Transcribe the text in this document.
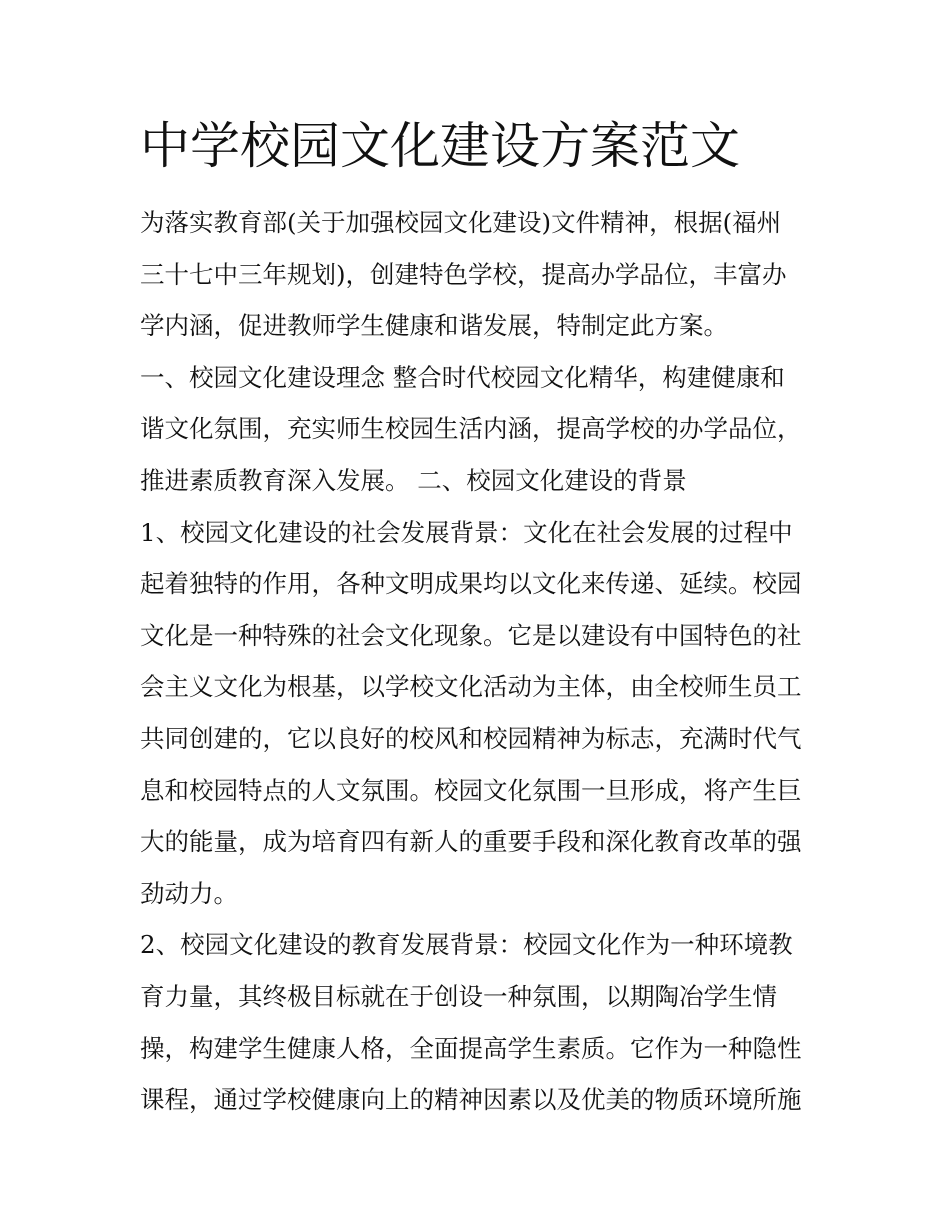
中学校园文化建设方案范文
为落实教育部(关于加强校园文化建设)文件精神，根据(福州
三十七中三年规划)，创建特色学校，提高办学品位，丰富办
学内涵，促进教师学生健康和谐发展，特制定此方案。
一、校园文化建设理念 整合时代校园文化精华，构建健康和
谐文化氛围，充实师生校园生活内涵，提高学校的办学品位，
推进素质教育深入发展。 二、校园文化建设的背景
1、校园文化建设的社会发展背景：文化在社会发展的过程中
起着独特的作用，各种文明成果均以文化来传递、延续。校园
文化是一种特殊的社会文化现象。它是以建设有中国特色的社
会主义文化为根基，以学校文化活动为主体，由全校师生员工
共同创建的，它以良好的校风和校园精神为标志，充满时代气
息和校园特点的人文氛围。校园文化氛围一旦形成，将产生巨
大的能量，成为培育四有新人的重要手段和深化教育改革的强
劲动力。
2、校园文化建设的教育发展背景：校园文化作为一种环境教
育力量，其终极目标就在于创设一种氛围，以期陶冶学生情
操，构建学生健康人格，全面提高学生素质。它作为一种隐性
课程，通过学校健康向上的精神因素以及优美的物质环境所施
